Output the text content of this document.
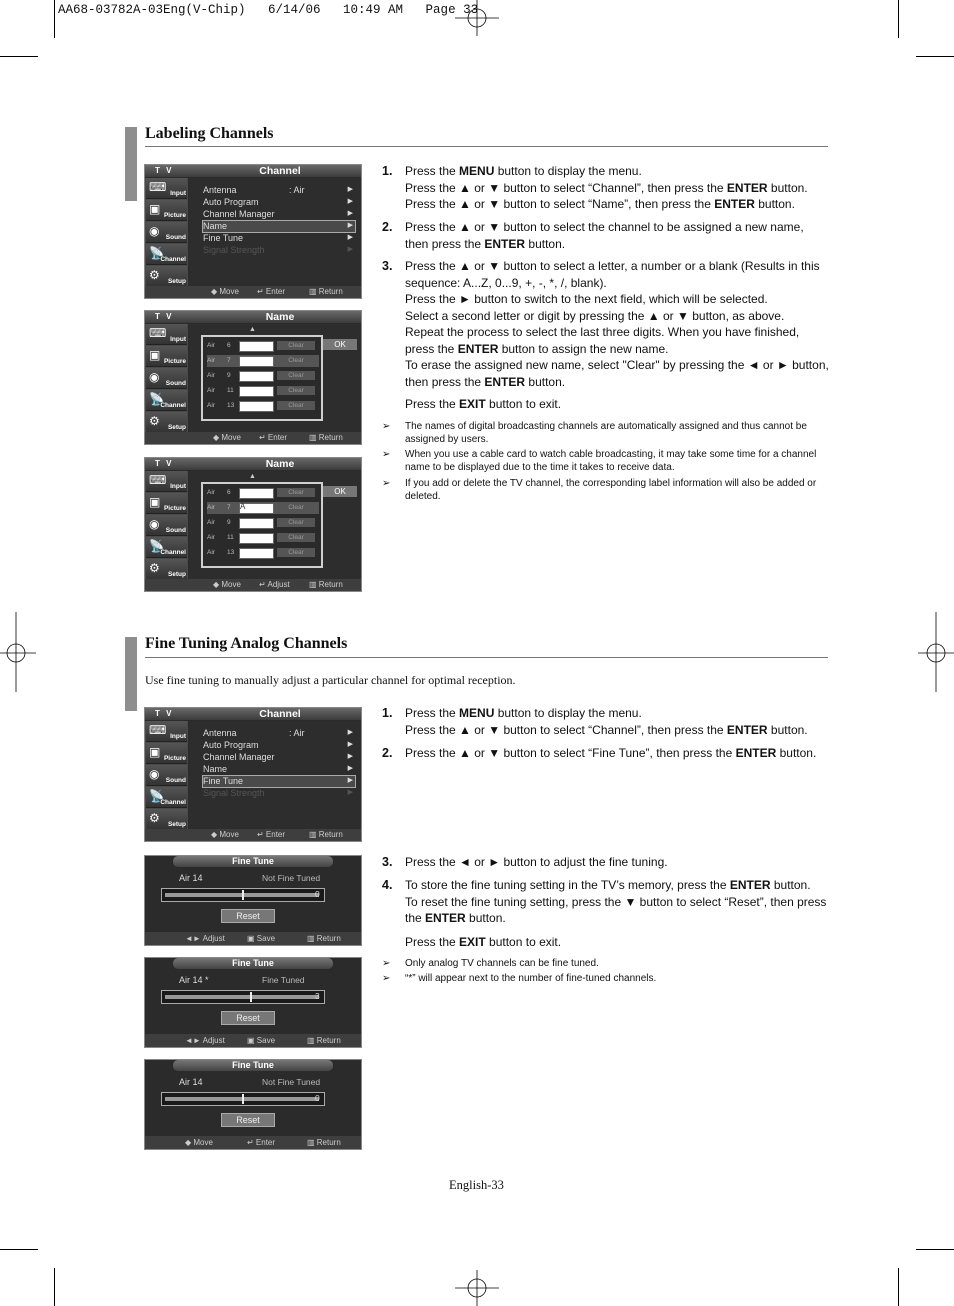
AA68-03782A-03Eng(V-Chip)   6/14/06   10:49 AM   Page 33
Labeling Channels
Fine Tuning Analog Channels
Use fine tuning to manually adjust a particular channel for optimal reception.
T V	Channel
⌨ Input
▣ Picture
◉ Sound
📡
Channel
⚙	Setup
Antenna	: Air	▶
Auto Program	▶
Channel Manager	▶
Name	▶
Fine Tune	▶
Signal Strength	▶
◆ Move ↵ Enter	▥ Return
T V	Name
⌨ Input
▣ Picture
◉ Sound
📡
Channel
⚙	Setup
▲
Air 6	Clear
Air 7	Clear
Air 9	Clear
Air 11	Clear
Air 13	Clear
OK
◆ Move ↵ Enter	▥ Return
T V	Name
⌨ Input
▣ Picture
◉ Sound
📡
Channel
⚙	Setup
▲
Air 6	Clear
Air 7 A	Clear
Air 9	Clear
Air 11	Clear
Air 13	Clear
OK
◆ Move ↵ Adjust ▥ Return
T V	Channel
⌨ Input
▣ Picture
◉ Sound
📡
Channel
⚙	Setup
Antenna	: Air	▶
Auto Program	▶
Channel Manager	▶
Name	▶
Fine Tune	▶
Signal Strength	▶
◆ Move ↵ Enter	▥ Return
Fine Tune
Air 14	Not Fine Tuned
0
Reset
◄► Adjust	▣ Save	▥ Return
Fine Tune
Air 14 *	Fine Tuned
3
Reset
◄► Adjust	▣ Save	▥ Return
Fine Tune
Air 14	Not Fine Tuned
0
Reset
◆ Move	↵ Enter	▥ Return
1. Press the MENU button to display the menu.
Press the ▲ or ▼ button to select “Channel”, then press the ENTER button.
Press the ▲ or ▼ button to select “Name”, then press the ENTER button.
2. Press the ▲ or ▼ button to select the channel to be assigned a new name, then press the ENTER button.
3. Press the ▲ or ▼ button to select a letter, a number or a blank (Results in this sequence: A...Z, 0...9, +, -, *, /, blank).
Press the ► button to switch to the next field, which will be selected.
Select a second letter or digit by pressing the ▲ or ▼ button, as above.
Repeat the process to select the last three digits. When you have finished, press the ENTER button to assign the new name.
To erase the assigned new name, select "Clear" by pressing the ◄ or ► button, then press the ENTER button.
Press the EXIT button to exit.
➢ The names of digital broadcasting channels are automatically assigned and thus cannot be assigned by users.
➢ When you use a cable card to watch cable broadcasting, it may take some time for a channel name to be displayed due to the time it takes to receive data.
➢ If you add or delete the TV channel, the corresponding label information will also be added or deleted.
1. Press the MENU button to display the menu.
Press the ▲ or ▼ button to select “Channel”, then press the ENTER button.
2. Press the ▲ or ▼ button to select “Fine Tune”, then press the ENTER button.
3. Press the ◄ or ► button to adjust the fine tuning.
4. To store the fine tuning setting in the TV’s memory, press the ENTER button.
To reset the fine tuning setting, press the ▼ button to select “Reset”, then press the ENTER button.
Press the EXIT button to exit.
➢ Only analog TV channels can be fine tuned.
➢ “*” will appear next to the number of fine-tuned channels.
English-33
